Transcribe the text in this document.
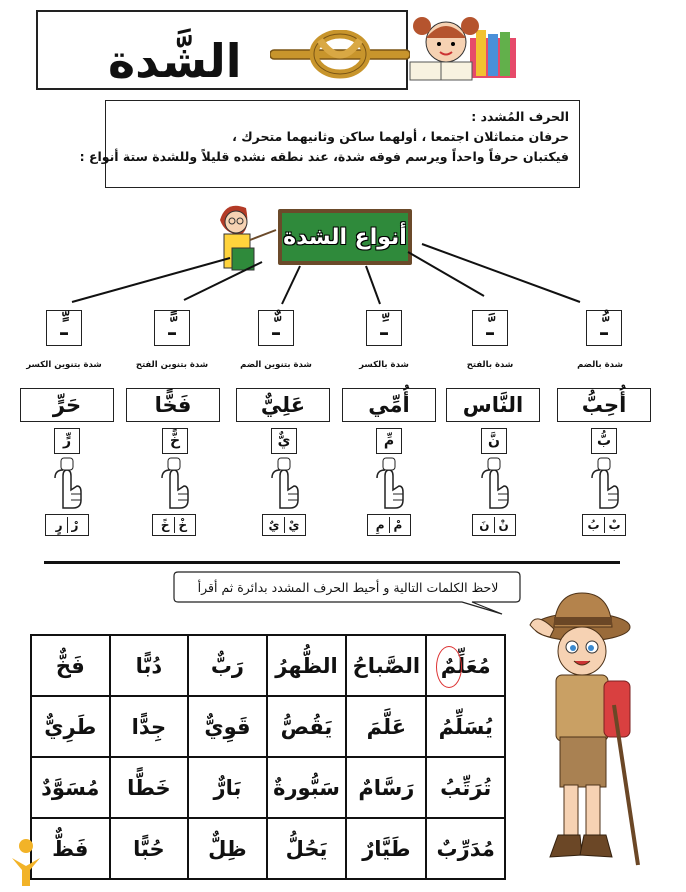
الشَّدة
الحرف المُشدد :
حرفان متماثلان اجتمعا ، أولهما ساكن وثانيهما متحرك ،
فيكتبان حرفاً واحداً ويرسم فوقه شدة، عند نطقه نشده قليلاً وللشدة ستة أنواع :
أنواع الشدة
ـُّ
شدة بالضم
أُحِبُّ
بُّ
بْ
بُ
ـَّ
شدة بالفتح
النَّاس
نَّ
نْ
نَ
ـِّ
شدة بالكسر
أُمِّي
مِّ
مْ
مِ
ـٌّ
شدة بتنوين الضم
عَلِيٌّ
يٌّ
يْ
يٌ
ـًّ
شدة بتنوين الفتح
فَخًّا
خًّ
خْ
خً
ـٍّ
شدة بتنوين الكسر
حَرٍّ
رٍّ
رْ
رٍ
لاحظ الكلمات التالية و أحيط الحرف المشدد بدائرة ثم أقرأ
مُعَلِّمٌ	الصَّباحُ	الظُّهرُ	رَبٌّ	دُبًّا	فَخٌّ
يُسَلِّمُ	عَلَّمَ	يَقُصُّ	قَوِيٌّ	جِدًّا	طَرِيٌّ
تُرَتِّبُ	رَسَّامٌ	سَبُّورةٌ	بَارٌّ	خَطًّا	مُسَوَّدٌ
مُدَرِّبٌ	طَيَّارٌ	يَحُلُّ	ظِلٌّ	حُبًّا	فَظٌّ
